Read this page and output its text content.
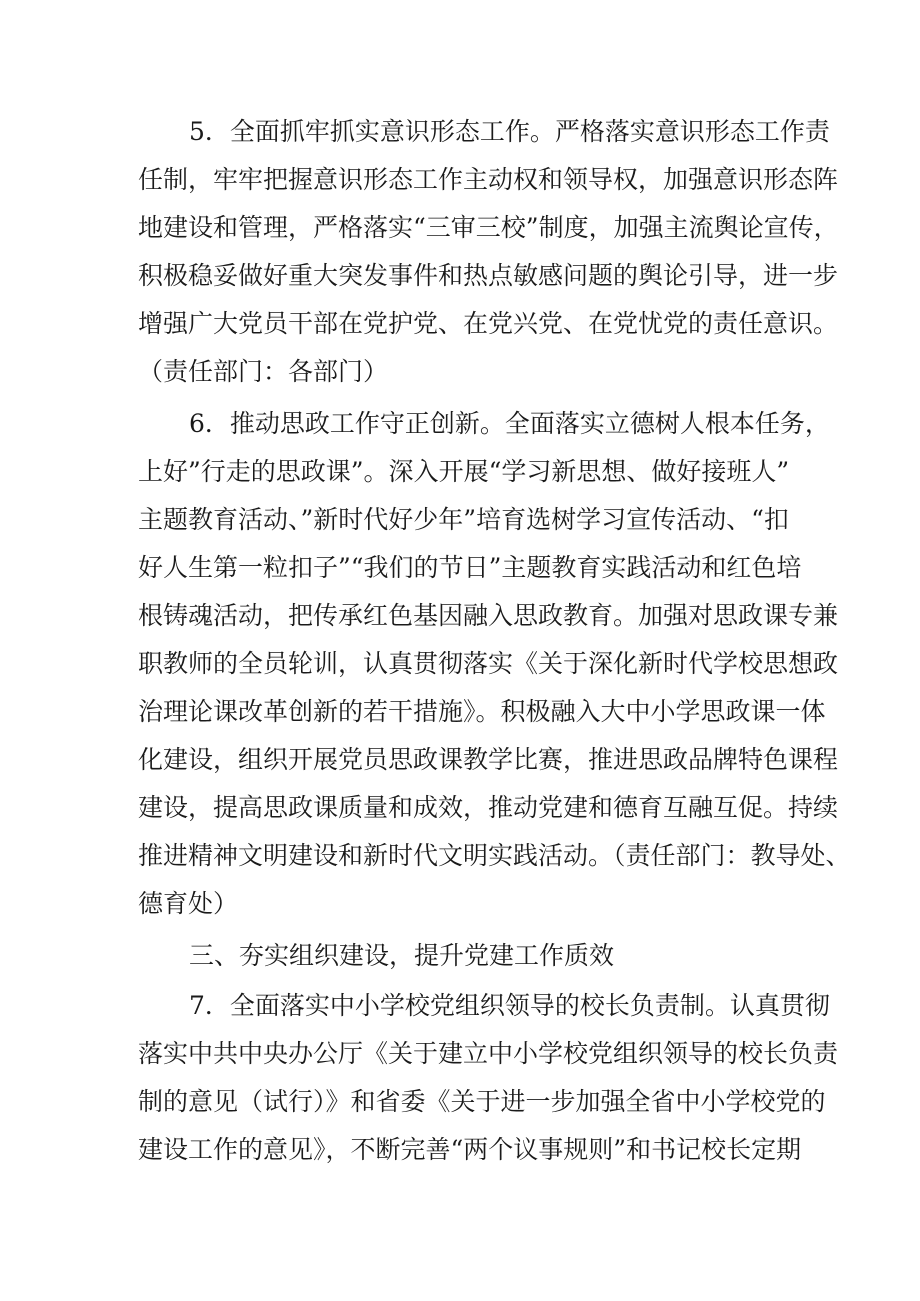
5．全面抓牢抓实意识形态工作。严格落实意识形态工作责
任制，牢牢把握意识形态工作主动权和领导权，加强意识形态阵
地建设和管理，严格落实“三审三校”制度，加强主流舆论宣传，
积极稳妥做好重大突发事件和热点敏感问题的舆论引导，进一步
增强广大党员干部在党护党、在党兴党、在党忧党的责任意识。
（责任部门：各部门）
6．推动思政工作守正创新。全面落实立德树人根本任务，
上好”行走的思政课”。深入开展“学习新思想、做好接班人”
主题教育活动、”新时代好少年”培育选树学习宣传活动、“扣
好人生第一粒扣子”“我们的节日”主题教育实践活动和红色培
根铸魂活动，把传承红色基因融入思政教育。加强对思政课专兼
职教师的全员轮训，认真贯彻落实《关于深化新时代学校思想政
治理论课改革创新的若干措施》。积极融入大中小学思政课一体
化建设，组织开展党员思政课教学比赛，推进思政品牌特色课程
建设，提高思政课质量和成效，推动党建和德育互融互促。持续
推进精神文明建设和新时代文明实践活动。（责任部门：教导处、
德育处）
三、夯实组织建设，提升党建工作质效
7．全面落实中小学校党组织领导的校长负责制。认真贯彻
落实中共中央办公厅《关于建立中小学校党组织领导的校长负责
制的意见（试行）》和省委《关于进一步加强全省中小学校党的
建设工作的意见》，不断完善“两个议事规则”和书记校长定期
